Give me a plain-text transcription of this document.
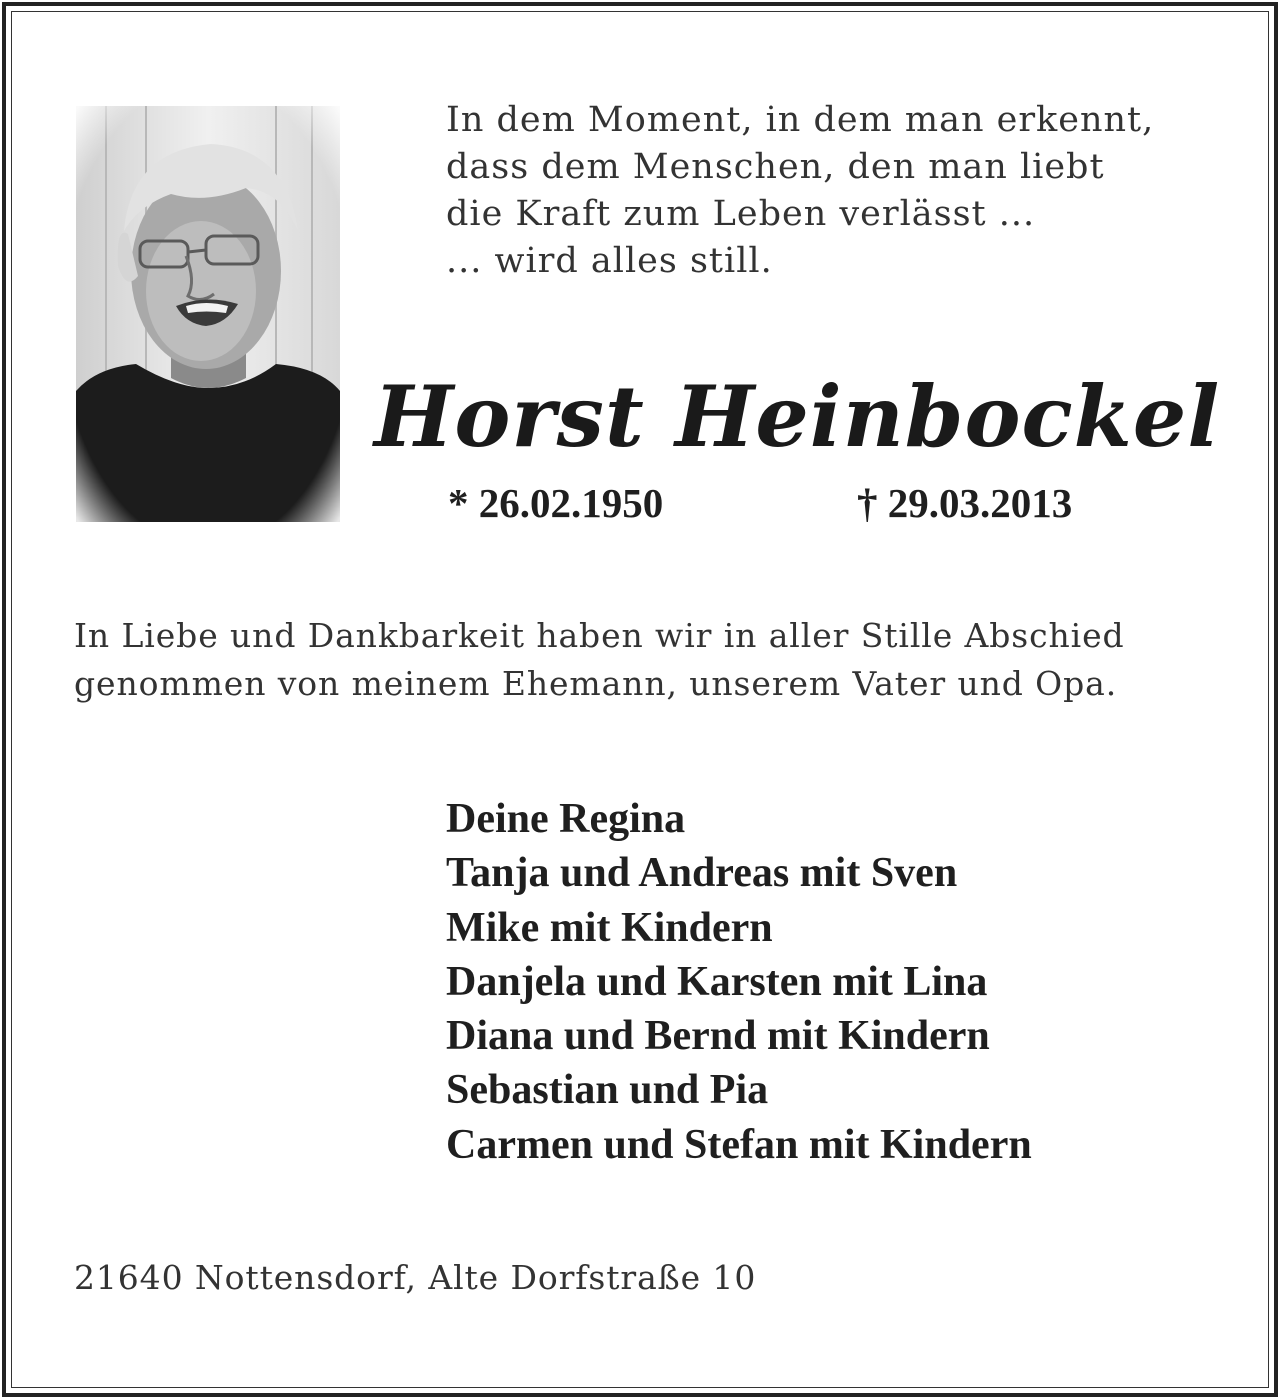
In dem Moment, in dem man erkennt,
dass dem Menschen, den man liebt
die Kraft zum Leben verlässt ...
... wird alles still.
Horst Heinbockel
* 26.02.1950	† 29.03.2013
In Liebe und Dankbarkeit haben wir in aller Stille Abschied
genommen von meinem Ehemann, unserem Vater und Opa.
Deine Regina
Tanja und Andreas mit Sven
Mike mit Kindern
Danjela und Karsten mit Lina
Diana und Bernd mit Kindern
Sebastian und Pia
Carmen und Stefan mit Kindern
21640 Nottensdorf, Alte Dorfstraße 10
